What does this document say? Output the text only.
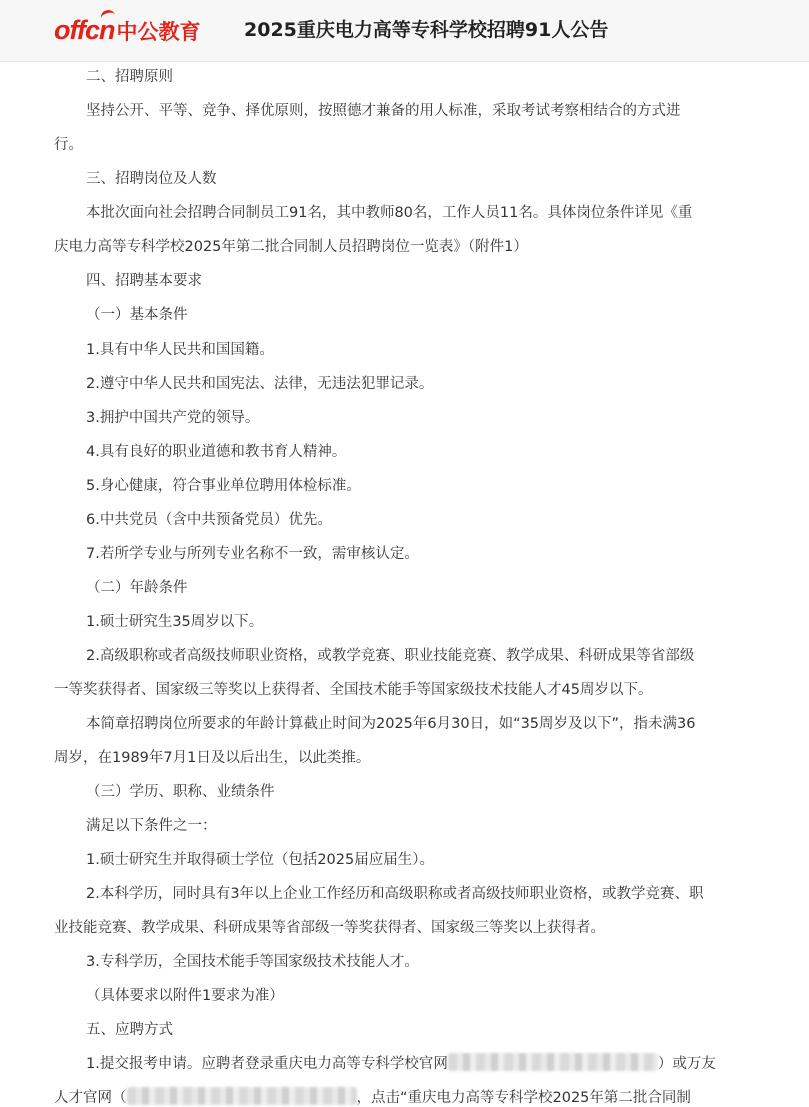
offcn 中公教育 2025重庆电力高等专科学校招聘91人公告
二、招聘原则
坚持公开、平等、竞争、择优原则，按照德才兼备的用人标准，采取考试考察相结合的方式进
行。
三、招聘岗位及人数
本批次面向社会招聘合同制员工91名，其中教师80名，工作人员11名。具体岗位条件详见《重
庆电力高等专科学校2025年第二批合同制人员招聘岗位一览表》（附件1）
四、招聘基本要求
（一）基本条件
1.具有中华人民共和国国籍。
2.遵守中华人民共和国宪法、法律，无违法犯罪记录。
3.拥护中国共产党的领导。
4.具有良好的职业道德和教书育人精神。
5.身心健康，符合事业单位聘用体检标准。
6.中共党员（含中共预备党员）优先。
7.若所学专业与所列专业名称不一致，需审核认定。
（二）年龄条件
1.硕士研究生35周岁以下。
2.高级职称或者高级技师职业资格，或教学竞赛、职业技能竞赛、教学成果、科研成果等省部级
一等奖获得者、国家级三等奖以上获得者、全国技术能手等国家级技术技能人才45周岁以下。
本简章招聘岗位所要求的年龄计算截止时间为2025年6月30日，如“35周岁及以下”，指未满36
周岁，在1989年7月1日及以后出生，以此类推。
（三）学历、职称、业绩条件
满足以下条件之一：
1.硕士研究生并取得硕士学位（包括2025届应届生）。
2.本科学历，同时具有3年以上企业工作经历和高级职称或者高级技师职业资格，或教学竞赛、职
业技能竞赛、教学成果、科研成果等省部级一等奖获得者、国家级三等奖以上获得者。
3.专科学历，全国技术能手等国家级技术技能人才。
（具体要求以附件1要求为准）
五、应聘方式
1.提交报考申请。应聘者登录重庆电力高等专科学校官网	）或万友
人才官网（	，点击“重庆电力高等专科学校2025年第二批合同制
